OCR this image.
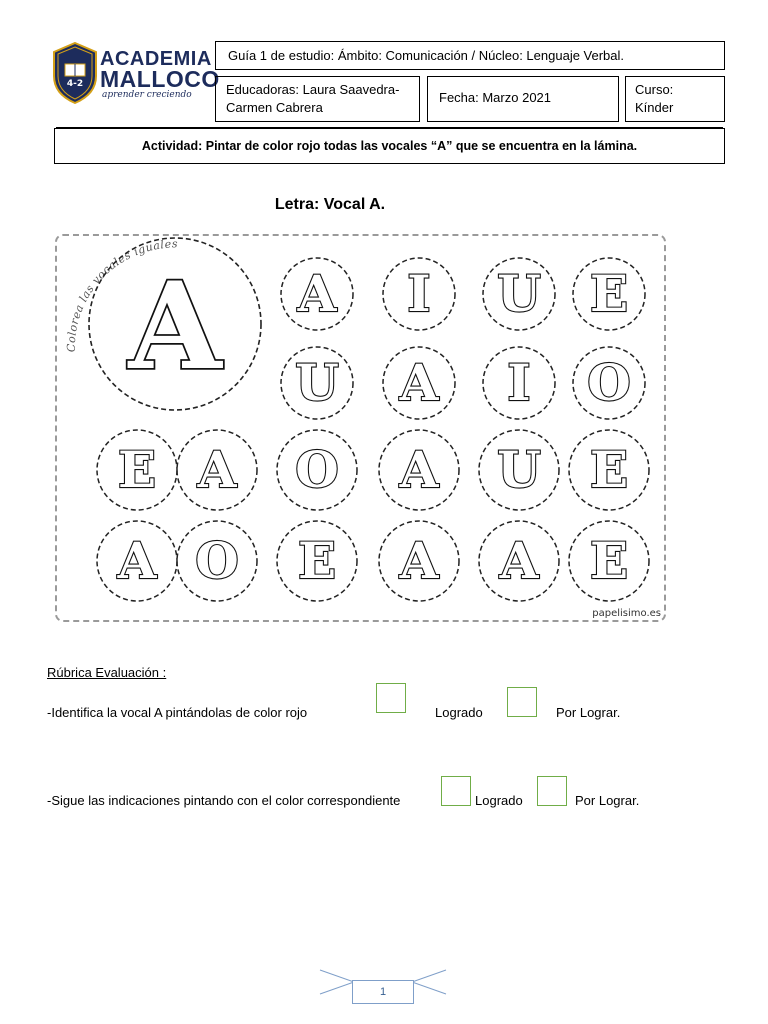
4-2
ACADEMIA
MALLOCO
aprender creciendo
Guía 1 de estudio: Ámbito: Comunicación / Núcleo: Lenguaje Verbal.
Educadoras: Laura Saavedra-
Carmen Cabrera
Fecha: Marzo 2021
Curso:
Kínder
Actividad: Pintar de color rojo todas las vocales “A” que se encuentra en la lámina.
Letra: Vocal A.
Colorea las vocales iguales
A A I U E
U A I O
E A O A U E
A O E A A E
papelisimo.es
Rúbrica Evaluación :
-Identifica la vocal A pintándolas de color rojo	Logrado	Por Lograr.
-Sigue las indicaciones pintando con el color correspondiente	Logrado	Por Lograr.
1
